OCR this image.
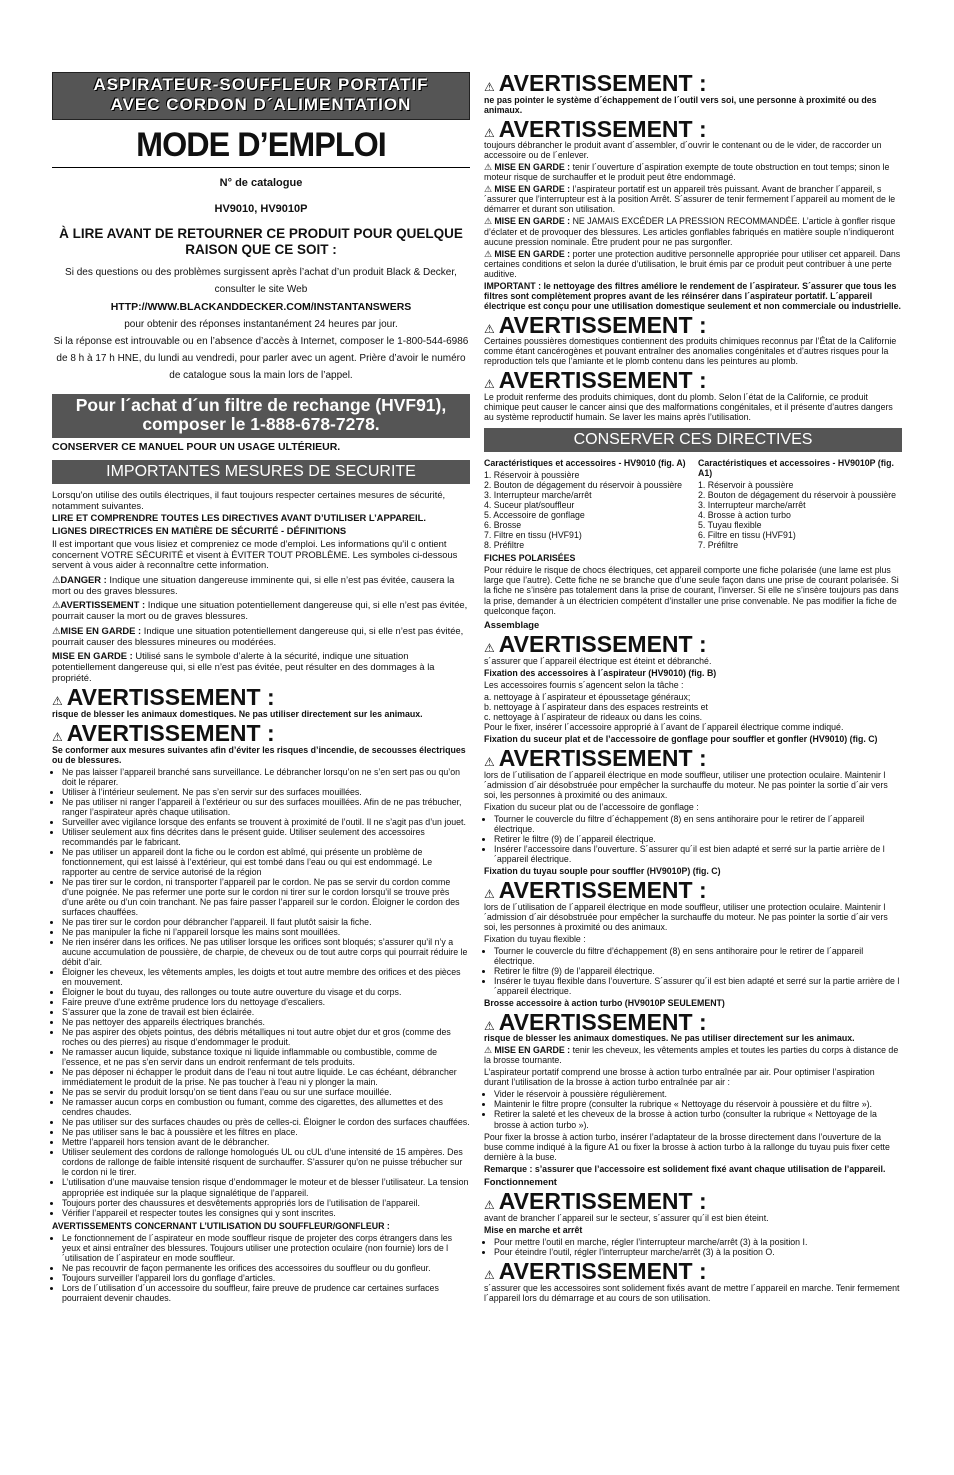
ASPIRATEUR-SOUFFLEUR PORTATIF
AVEC CORDON D´ALIMENTATION
MODE D’EMPLOI
N° de catalogue
HV9010, HV9010P
À LIRE AVANT DE RETOURNER CE PRODUIT POUR QUELQUE RAISON QUE CE SOIT :
Si des questions ou des problèmes surgissent après l’achat d’un produit Black & Decker, consulter le site Web
HTTP://WWW.BLACKANDDECKER.COM/INSTANTANSWERS
pour obtenir des réponses instantanément 24 heures par jour.
Si la réponse est introuvable ou en l’absence d’accès à Internet, composer le 1-800-544-6986 de 8 h à 17 h HNE, du lundi au vendredi, pour parler avec un agent. Prière d’avoir le numéro de catalogue sous la main lors de l’appel.
Pour l´achat d´un filtre de rechange (HVF91), composer le 1-888-678-7278.
CONSERVER CE MANUEL POUR UN USAGE ULTÉRIEUR.
IMPORTANTES MESURES DE SECURITE

Lorsqu'on utilise des outils électriques, il faut toujours respecter certaines mesures de sécurité, notamment suivantes.

LIRE ET COMPRENDRE TOUTES LES DIRECTIVES AVANT D’UTILISER L’APPAREIL.

LIGNES DIRECTRICES EN MATIÈRE DE SÉCURITÉ - DÉFINITIONS

Il est important que vous lisiez et compreniez ce mode d’emploi. Les informations qu’il c ontient concernent VOTRE SÉCURITÉ et visent à ÉVITER TOUT PROBLÈME. Les symboles ci-dessous servent à vous aider à reconnaître cette information.

⚠DANGER : Indique une situation dangereuse imminente qui, si elle n’est pas évitée, causera la mort ou des graves blessures.

⚠AVERTISSEMENT : Indique une situation potentiellement dangereuse qui, si elle n’est pas évitée, pourrait causer la mort ou de graves blessures.

⚠MISE EN GARDE : Indique une situation potentiellement dangereuse qui, si elle n’est pas évitée, pourrait causer des blessures mineures ou modérées.

MISE EN GARDE : Utilisé sans le symbole d’alerte à la sécurité, indique une situation potentiellement dangereuse qui, si elle n’est pas évitée, peut résulter en des dommages à la propriété.

⚠ AVERTISSEMENT :

risque de blesser les animaux domestiques. Ne pas utiliser directement sur les animaux.

⚠ AVERTISSEMENT :

Se conformer aux mesures suivantes afin d’éviter les risques d’incendie, de secousses électriques ou de blessures.

• Ne pas laisser l’appareil branché sans surveillance. Le débrancher lorsqu’on ne s’en sert pas ou qu’on doit le réparer.
• Utiliser à l’intérieur seulement. Ne pas s’en servir sur des surfaces mouillées.
• Ne pas utiliser ni ranger l’appareil à l’extérieur ou sur des surfaces mouillées. Afin de ne pas trébucher, ranger l’aspirateur après chaque utilisation.
• Surveiller avec vigilance lorsque des enfants se trouvent à proximité de l’outil. Il ne s’agit pas d’un jouet.
• Utiliser seulement aux fins décrites dans le présent guide. Utiliser seulement des accessoires recommandés par le fabricant.
• Ne pas utiliser un appareil dont la fiche ou le cordon est abîmé, qui présente un problème de fonctionnement, qui est laissé à l’extérieur, qui est tombé dans l’eau ou qui est endommagé. Le rapporter au centre de service autorisé de la région
• Ne pas tirer sur le cordon, ni transporter l’appareil par le cordon. Ne pas se servir du cordon comme d’une poignée. Ne pas refermer une porte sur le cordon ni tirer sur le cordon lorsqu’il se trouve près d’une arête ou d’un coin tranchant. Ne pas faire passer l’appareil sur le cordon. Éloigner le cordon des surfaces chauffées.
• Ne pas tirer sur le cordon pour débrancher l’appareil. Il faut plutôt saisir la fiche.
• Ne pas manipuler la fiche ni l’appareil lorsque les mains sont mouillées.
• Ne rien insérer dans les orifices. Ne pas utiliser lorsque les orifices sont bloqués; s’assurer qu’il n’y a aucune accumulation de poussière, de charpie, de cheveux ou de tout autre corps qui pourrait réduire le débit d’air.
• Éloigner les cheveux, les vêtements amples, les doigts et tout autre membre des orifices et des pièces en mouvement.
• Éloigner le bout du tuyau, des rallonges ou toute autre ouverture du visage et du corps.
• Faire preuve d’une extrême prudence lors du nettoyage d’escaliers.
• S’assurer que la zone de travail est bien éclairée.
• Ne pas nettoyer des appareils électriques branchés.
• Ne pas aspirer des objets pointus, des débris métalliques ni tout autre objet dur et gros (comme des roches ou des pierres) au risque d’endommager le produit.
• Ne ramasser aucun liquide, substance toxique ni liquide inflammable ou combustible, comme de l’essence, et ne pas s’en servir dans un endroit renfermant de tels produits.
• Ne pas déposer ni échapper le produit dans de l’eau ni tout autre liquide. Le cas échéant, débrancher immédiatement le produit de la prise. Ne pas toucher à l’eau ni y plonger la main.
• Ne pas se servir du produit lorsqu’on se tient dans l’eau ou sur une surface mouillée.
• Ne ramasser aucun corps en combustion ou fumant, comme des cigarettes, des allumettes et des cendres chaudes.
• Ne pas utiliser sur des surfaces chaudes ou près de celles-ci. Éloigner le cordon des surfaces chauffées.
• Ne pas utiliser sans le bac à poussière et les filtres en place.
• Mettre l’appareil hors tension avant de le débrancher.
• Utiliser seulement des cordons de rallonge homologués UL ou cUL d’une intensité de 15 ampères. Des cordons de rallonge de faible intensité risquent de surchauffer. S’assurer qu’on ne puisse trébucher sur le cordon ni le tirer.
• L’utilisation d’une mauvaise tension risque d’endommager le moteur et de blesser l’utilisateur. La tension appropriée est indiquée sur la plaque signalétique de l’appareil.
• Toujours porter des chaussures et desvêtements appropriés lors de l’utilisation de l’appareil.
• Vérifier l’appareil et respecter toutes les consignes qui y sont inscrites.

AVERTISSEMENTS CONCERNANT L’UTILISATION DU SOUFFLEUR/GONFLEUR :

• Le fonctionnement de l´aspirateur en mode souffleur risque de projeter des corps étrangers dans les yeux et ainsi entraîner des blessures. Toujours utiliser une protection oculaire (non fournie) lors de l´utilisation de l´aspirateur en mode souffleur.
• Ne pas recouvrir de façon permanente les orifices des accessoires du souffleur ou du gonfleur.
• Toujours surveiller l’appareil lors du gonflage d’articles.
• Lors de l´utilisation d´un accessoire du souffleur, faire preuve de prudence car certaines surfaces pourraient devenir chaudes.
⚠ AVERTISSEMENT :

ne pas pointer le système d´échappement de l´outil vers soi, une personne à proximité ou des animaux.

⚠ AVERTISSEMENT :

toujours débrancher le produit avant d´assembler, d´ouvrir le contenant ou de le vider, de raccorder un accessoire ou de l´enlever.

⚠ MISE EN GARDE : tenir l´ouverture d´aspiration exempte de toute obstruction en tout temps; sinon le moteur risque de surchauffer et le produit peut être endommagé.

⚠ MISE EN GARDE : l’aspirateur portatif est un appareil très puissant. Avant de brancher l´appareil, s´assurer que l’interrupteur est à la position Arrêt. S´assurer de tenir fermement l´appareil au moment de le démarrer et durant son utilisation.

⚠ MISE EN GARDE : NE JAMAIS EXCÉDER LA PRESSION RECOMMANDÉE. L’article à gonfler risque d’éclater et de provoquer des blessures. Les articles gonflables fabriqués en matière souple n’indiqueront aucune pression nominale. Être prudent pour ne pas surgonfler.

⚠ MISE EN GARDE : porter une protection auditive personnelle appropriée pour utiliser cet appareil. Dans certaines conditions et selon la durée d’utilisation, le bruit émis par ce produit peut contribuer à une perte auditive.

IMPORTANT : le nettoyage des filtres améliore le rendement de l´aspirateur. S´assurer que tous les filtres sont complètement propres avant de les réinsérer dans l´aspirateur portatif. L´appareil électrique est conçu pour une utilisation domestique seulement et non commerciale ou industrielle.

⚠ AVERTISSEMENT :

Certaines poussières domestiques contiennent des produits chimiques reconnus par l’État de la Californie comme étant cancérogènes et pouvant entraîner des anomalies congénitales et d’autres risques pour la reproduction tels que l’amiante et le plomb contenu dans les peintures au plomb.

⚠ AVERTISSEMENT :

Le produit renferme des produits chimiques, dont du plomb. Selon l´état de la Californie, ce produit chimique peut causer le cancer ainsi que des malformations congénitales, et il présente d’autres dangers au système reproductif humain. Se laver les mains après l’utilisation.

CONSERVER CES DIRECTIVES

Caractéristiques et accessoires - HV9010 (fig. A)

1. Réservoir à poussière
2. Bouton de dégagement du réservoir à poussière
3. Interrupteur marche/arrêt
4. Suceur plat/souffleur
5. Accessoire de gonflage
6. Brosse
7. Filtre en tissu (HVF91)
8. Préfiltre

Caractéristiques et accessoires - HV9010P (fig. A1)

1. Réservoir à poussière
2. Bouton de dégagement du réservoir à poussière
3. Interrupteur marche/arrêt
4. Brosse à action turbo
5. Tuyau flexible
6. Filtre en tissu (HVF91)
7. Préfiltre

FICHES POLARISÉES

Pour réduire le risque de chocs électriques, cet appareil comporte une fiche polarisée (une lame est plus large que l’autre). Cette fiche ne se branche que d’une seule façon dans une prise de courant polarisée. Si la fiche ne s’insère pas totalement dans la prise de courant, l’inverser. Si elle ne s’insère toujours pas dans la prise, demander à un électricien compétent d’installer une prise convenable. Ne pas modifier la fiche de quelconque façon.

Assemblage

⚠ AVERTISSEMENT :

s´assurer que l´appareil électrique est éteint et débranché.

Fixation des accessoires à l´aspirateur (HV9010) (fig. B)

Les accessoires fournis s´agencent selon la tâche :

a. nettoyage à l´aspirateur et époussetage généraux;
b. nettoyage à l´aspirateur dans des espaces restreints et
c. nettoyage à l´aspirateur de rideaux ou dans les coins.

Pour le fixer, insérer l´accessoire approprié à l´avant de l´appareil électrique comme indiqué.

Fixation du suceur plat et de l’accessoire de gonflage pour souffler et gonfler (HV9010) (fig. C)

⚠ AVERTISSEMENT :

lors de l´utilisation de l´appareil électrique en mode souffleur, utiliser une protection oculaire. Maintenir l´admission d´air désobstruée pour empêcher la surchauffe du moteur. Ne pas pointer la sortie d´air vers soi, les personnes à proximité ou des animaux.

Fixation du suceur plat ou de l’accessoire de gonflage :

• Tourner le couvercle du filtre d´échappement (8) en sens antihoraire pour le retirer de l´appareil électrique.
• Retirer le filtre (9) de l´appareil électrique.
• Insérer l’accessoire dans l’ouverture. S´assurer qu´il est bien adapté et serré sur la partie arrière de l´appareil électrique.

Fixation du tuyau souple pour souffler (HV9010P) (fig. C)

⚠ AVERTISSEMENT :

lors de l´utilisation de l´appareil électrique en mode souffleur, utiliser une protection oculaire. Maintenir l´admission d´air désobstruée pour empêcher la surchauffe du moteur. Ne pas pointer la sortie d´air vers soi, les personnes à proximité ou des animaux.

Fixation du tuyau flexible :

• Tourner le couvercle du filtre d’échappement (8) en sens antihoraire pour le retirer de l´appareil électrique.
• Retirer le filtre (9) de l’appareil électrique.
• Insérer le tuyau flexible dans l’ouverture. S´assurer qu´il est bien adapté et serré sur la partie arrière de l´appareil électrique.

Brosse accessoire à action turbo (HV9010P SEULEMENT)

⚠ AVERTISSEMENT :

risque de blesser les animaux domestiques. Ne pas utiliser directement sur les animaux.

⚠ MISE EN GARDE : tenir les cheveux, les vêtements amples et toutes les parties du corps à distance de la brosse tournante.

L’aspirateur portatif comprend une brosse à action turbo entraînée par air. Pour optimiser l’aspiration durant l’utilisation de la brosse à action turbo entraînée par air :

• Vider le réservoir à poussière régulièrement.
• Maintenir le filtre propre (consulter la rubrique « Nettoyage du réservoir à poussière et du filtre »).
• Retirer la saleté et les cheveux de la brosse à action turbo (consulter la rubrique « Nettoyage de la brosse à action turbo »).

Pour fixer la brosse à action turbo, insérer l’adaptateur de la brosse directement dans l’ouverture de la buse comme indiqué à la figure A1 ou fixer la brosse à action turbo à la rallonge du tuyau puis fixer cette dernière à la buse.

Remarque : s’assurer que l’accessoire est solidement fixé avant chaque utilisation de l’appareil.

Fonctionnement

⚠ AVERTISSEMENT :

avant de brancher l´appareil sur le secteur, s´assurer qu´il est bien éteint.

Mise en marche et arrêt

• Pour mettre l’outil en marche, régler l’interrupteur marche/arrêt (3) à la position I.
• Pour éteindre l’outil, régler l’interrupteur marche/arrêt (3) à la position O.
⚠ AVERTISSEMENT :

s´assurer que les accessoires sont solidement fixés avant de mettre l´appareil en marche. Tenir fermement l´appareil lors du démarrage et au cours de son utilisation.
